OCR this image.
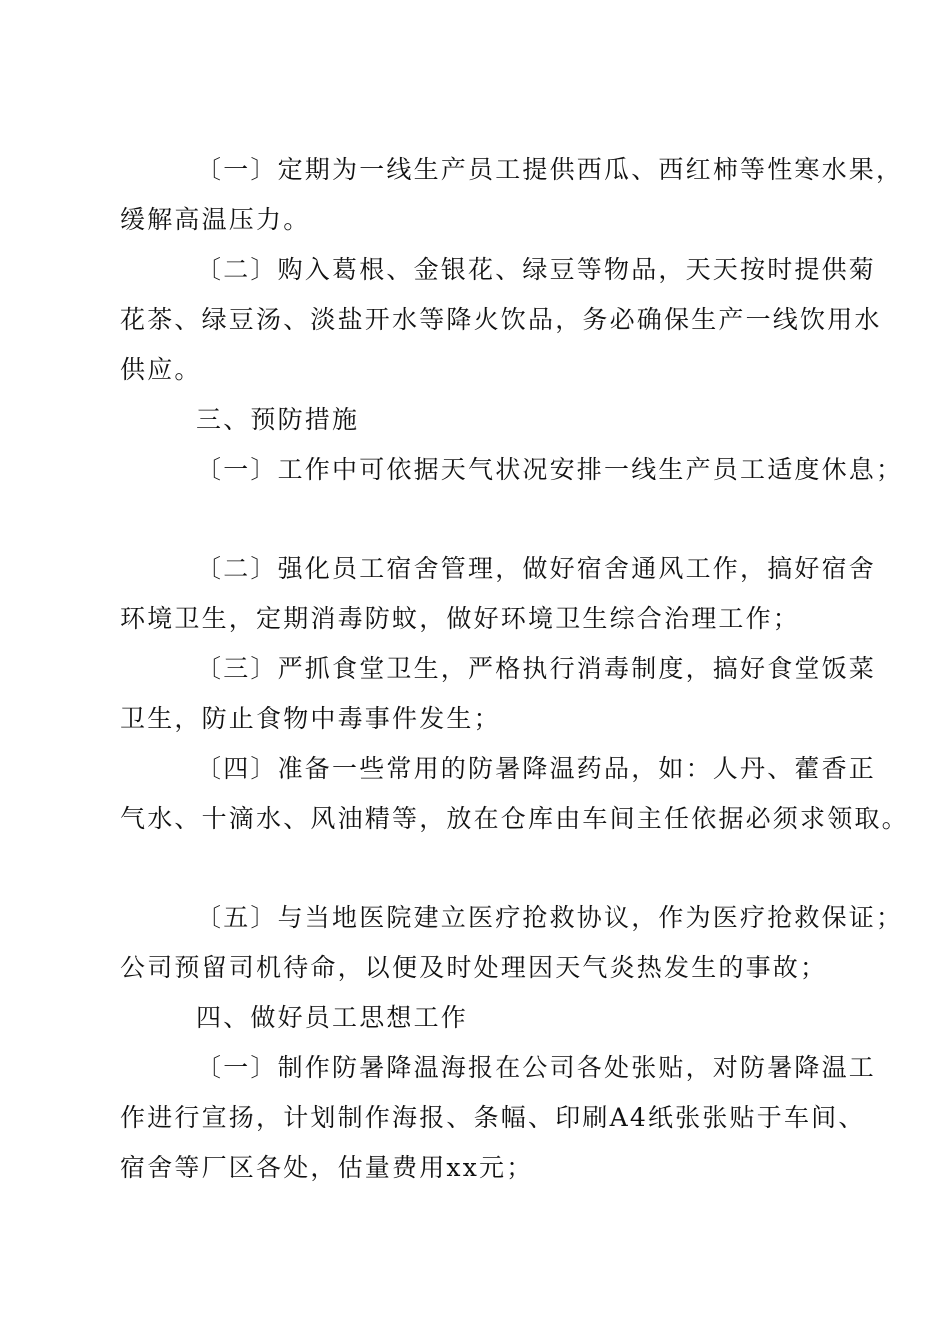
〔一〕定期为一线生产员工提供西瓜、西红柿等性寒水果，
缓解高温压力。
〔二〕购入葛根、金银花、绿豆等物品，天天按时提供菊
花茶、绿豆汤、淡盐开水等降火饮品，务必确保生产一线饮用水
供应。
三、预防措施
〔一〕工作中可依据天气状况安排一线生产员工适度休息；
〔二〕强化员工宿舍管理，做好宿舍通风工作，搞好宿舍
环境卫生，定期消毒防蚊，做好环境卫生综合治理工作；
〔三〕严抓食堂卫生，严格执行消毒制度，搞好食堂饭菜
卫生，防止食物中毒事件发生；
〔四〕准备一些常用的防暑降温药品，如：人丹、藿香正
气水、十滴水、风油精等，放在仓库由车间主任依据必须求领取。
〔五〕与当地医院建立医疗抢救协议，作为医疗抢救保证；
公司预留司机待命，以便及时处理因天气炎热发生的事故；
四、做好员工思想工作
〔一〕制作防暑降温海报在公司各处张贴，对防暑降温工
作进行宣扬，计划制作海报、条幅、印刷A4纸张张贴于车间、
宿舍等厂区各处，估量费用xx元；
